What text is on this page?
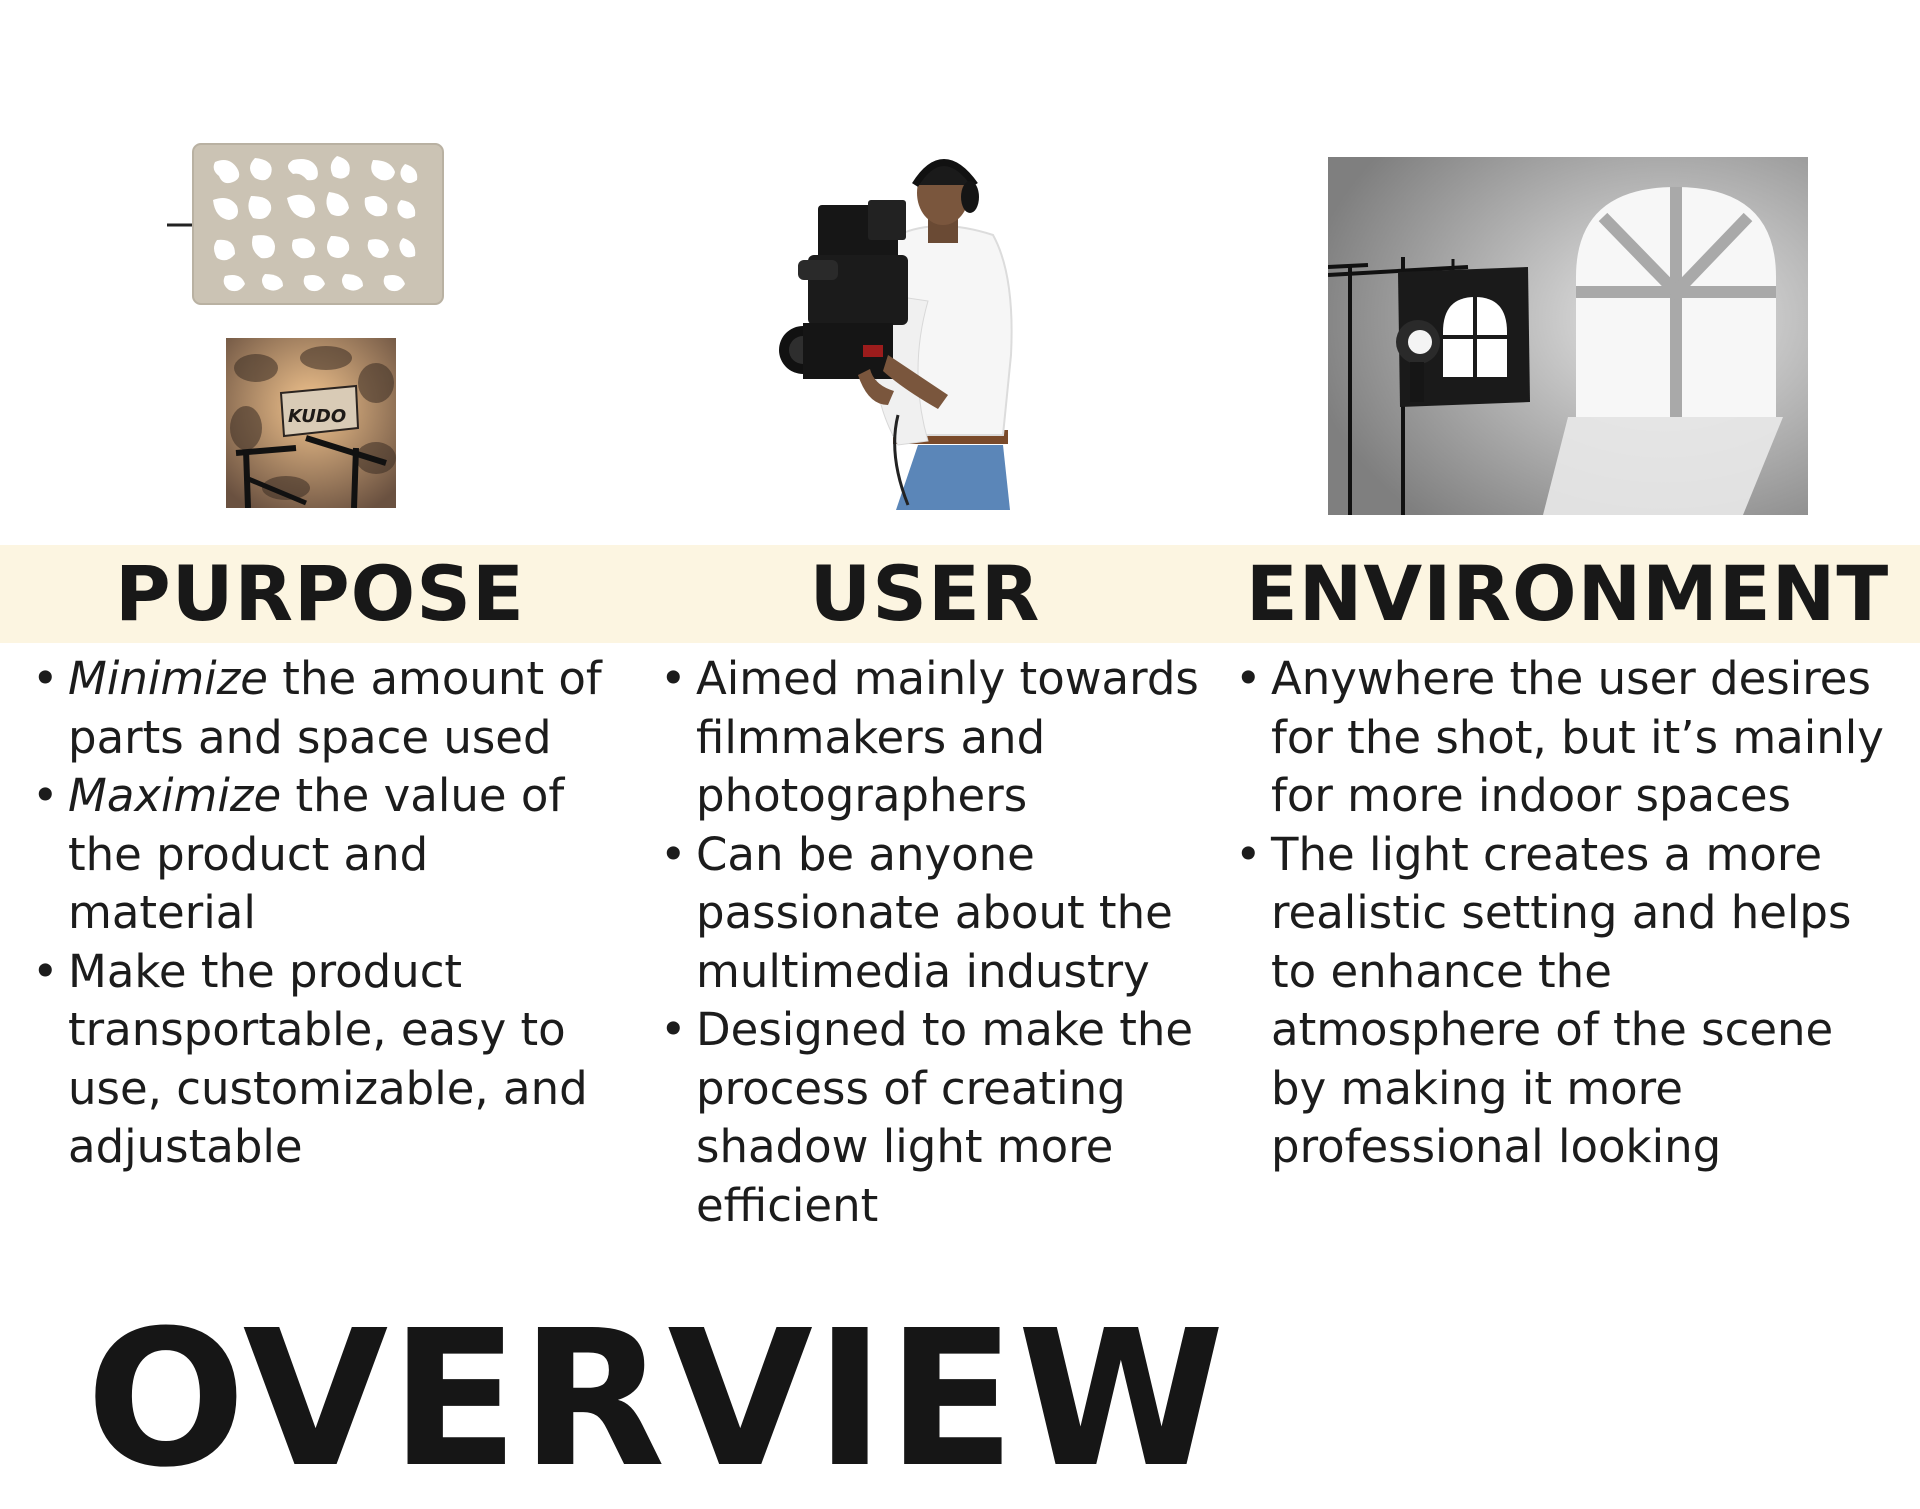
KUDO
PURPOSE	USER	ENVIRONMENT
• Minimize the amount of parts and space used
• Maximize the value of the product and material
• Make the product transportable, easy to use, customizable, and adjustable
• Aimed mainly towards filmmakers and photographers
• Can be anyone passionate about the multimedia industry
• Designed to make the process of creating shadow light more efficient
• Anywhere the user desires for the shot, but it’s mainly for more indoor spaces
• The light creates a more realistic setting and helps to enhance the atmosphere of the scene by making it more professional looking
OVERVIEW
